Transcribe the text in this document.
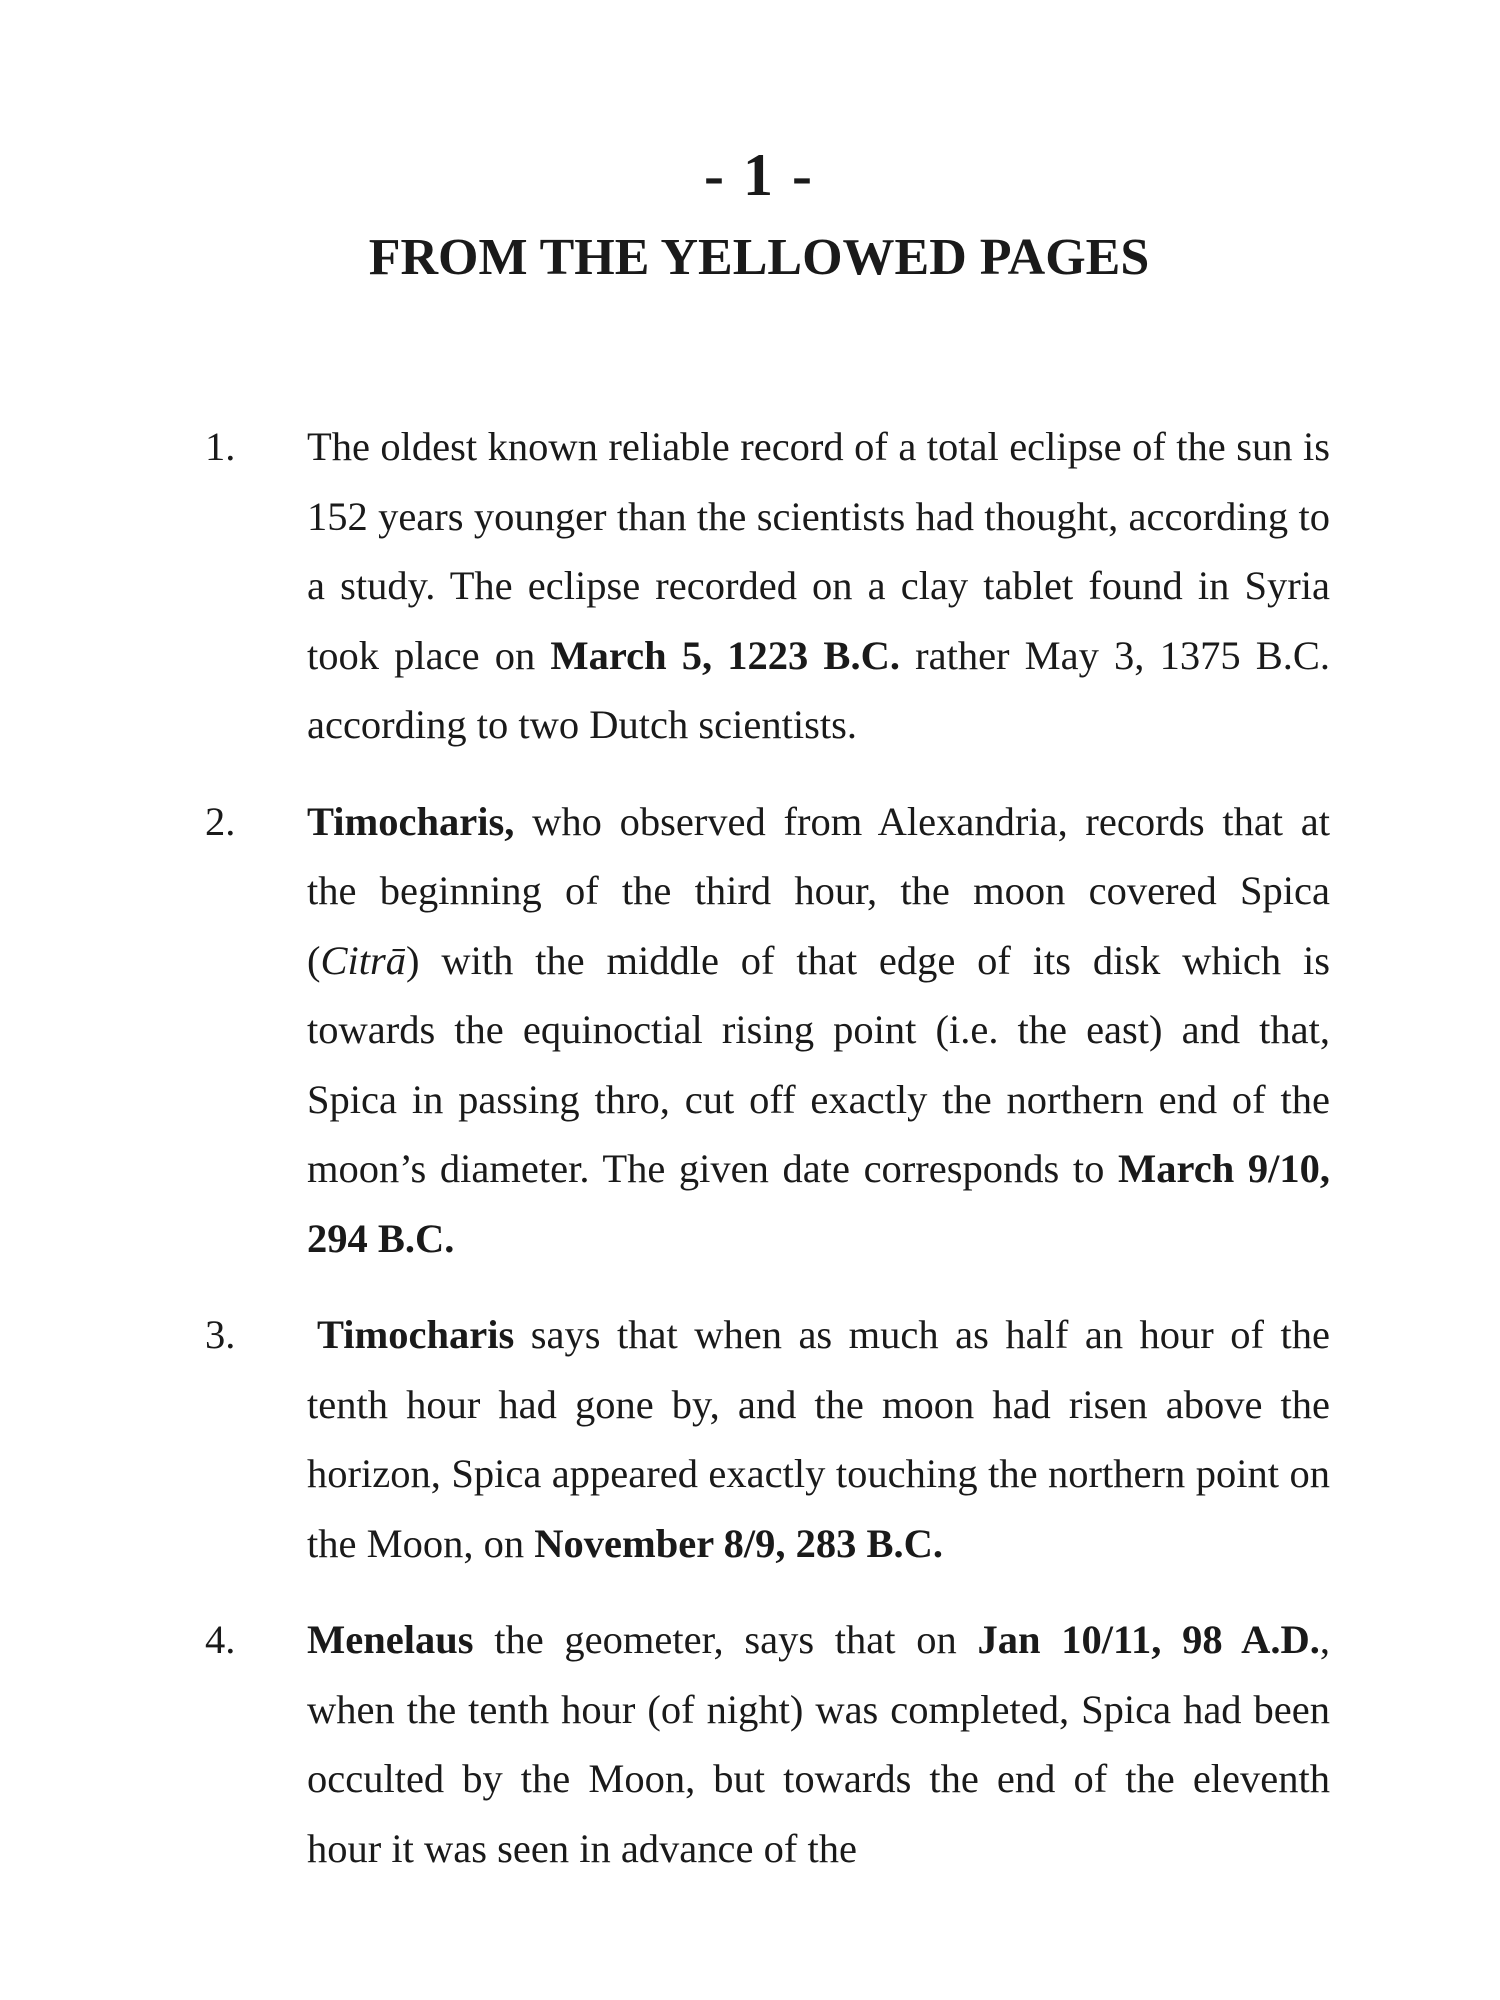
- 1 -
FROM THE YELLOWED PAGES
1. The oldest known reliable record of a total eclipse of the sun is 152 years younger than the scientists had thought, according to a study. The eclipse recorded on a clay tablet found in Syria took place on March 5, 1223 B.C. rather May 3, 1375 B.C. according to two Dutch scientists.
2. Timocharis, who observed from Alexandria, records that at the beginning of the third hour, the moon covered Spica (Citrā) with the middle of that edge of its disk which is towards the equinoctial rising point (i.e. the east) and that, Spica in passing thro, cut off exactly the northern end of the moon’s diameter. The given date corresponds to March 9/10, 294 B.C.
3. Timocharis says that when as much as half an hour of the tenth hour had gone by, and the moon had risen above the horizon, Spica appeared exactly touching the northern point on the Moon, on November 8/9, 283 B.C.
4. Menelaus the geometer, says that on Jan 10/11, 98 A.D., when the tenth hour (of night) was completed, Spica had been occulted by the Moon, but towards the end of the eleventh hour it was seen in advance of the
